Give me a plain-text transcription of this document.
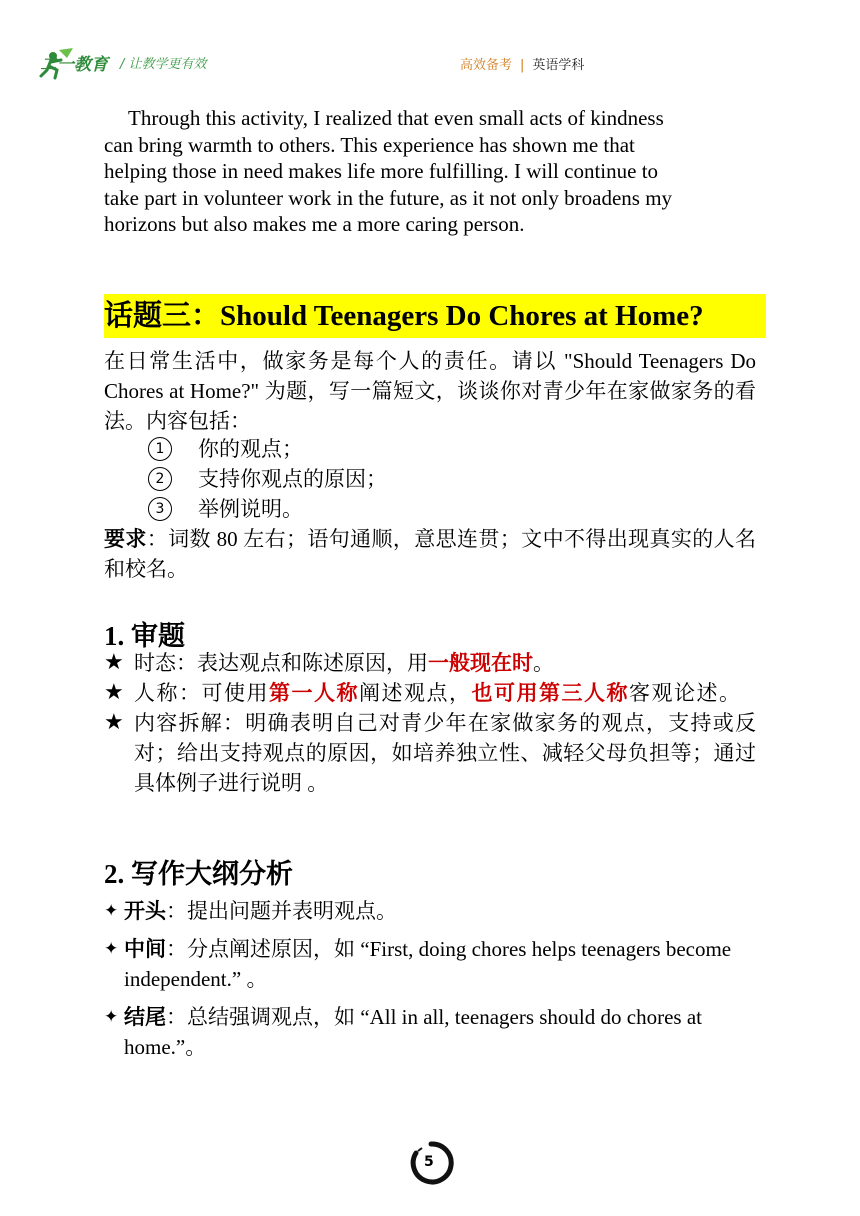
二一教育 / 让教学更有效	高效备考 | 英语学科

Through this activity, I realized that even small acts of kindness

can bring warmth to others. This experience has shown me that

helping those in need makes life more fulfilling. I will continue to

take part in volunteer work in the future, as it not only broadens my

horizons but also makes me a more caring person.

话题三：Should Teenagers Do Chores at Home?
在日常生活中，做家务是每个人的责任。请以 "Should Teenagers Do Chores at Home?" 为题，写一篇短文，谈谈你对青少年在家做家务的看法。内容包括：
1	你的观点；
2	支持你观点的原因；
3	举例说明。
要求：词数 80 左右；语句通顺，意思连贯；文中不得出现真实的人名和校名。
1. 审题
★ 时态：表达观点和陈述原因，用一般现在时。
★ 人称：可使用第一人称阐述观点，也可用第三人称客观论述。
★ 内容拆解：明确表明自己对青少年在家做家务的观点，支持或反对；给出支持观点的原因，如培养独立性、减轻父母负担等；通过具体例子进行说明 。
2. 写作大纲分析
✦ 开头：提出问题并表明观点。
✦ 中间：分点阐述原因，如 “First, doing chores helps teenagers become independent.” 。
✦ 结尾：总结强调观点，如 “All in all, teenagers should do chores at home.”。
5
